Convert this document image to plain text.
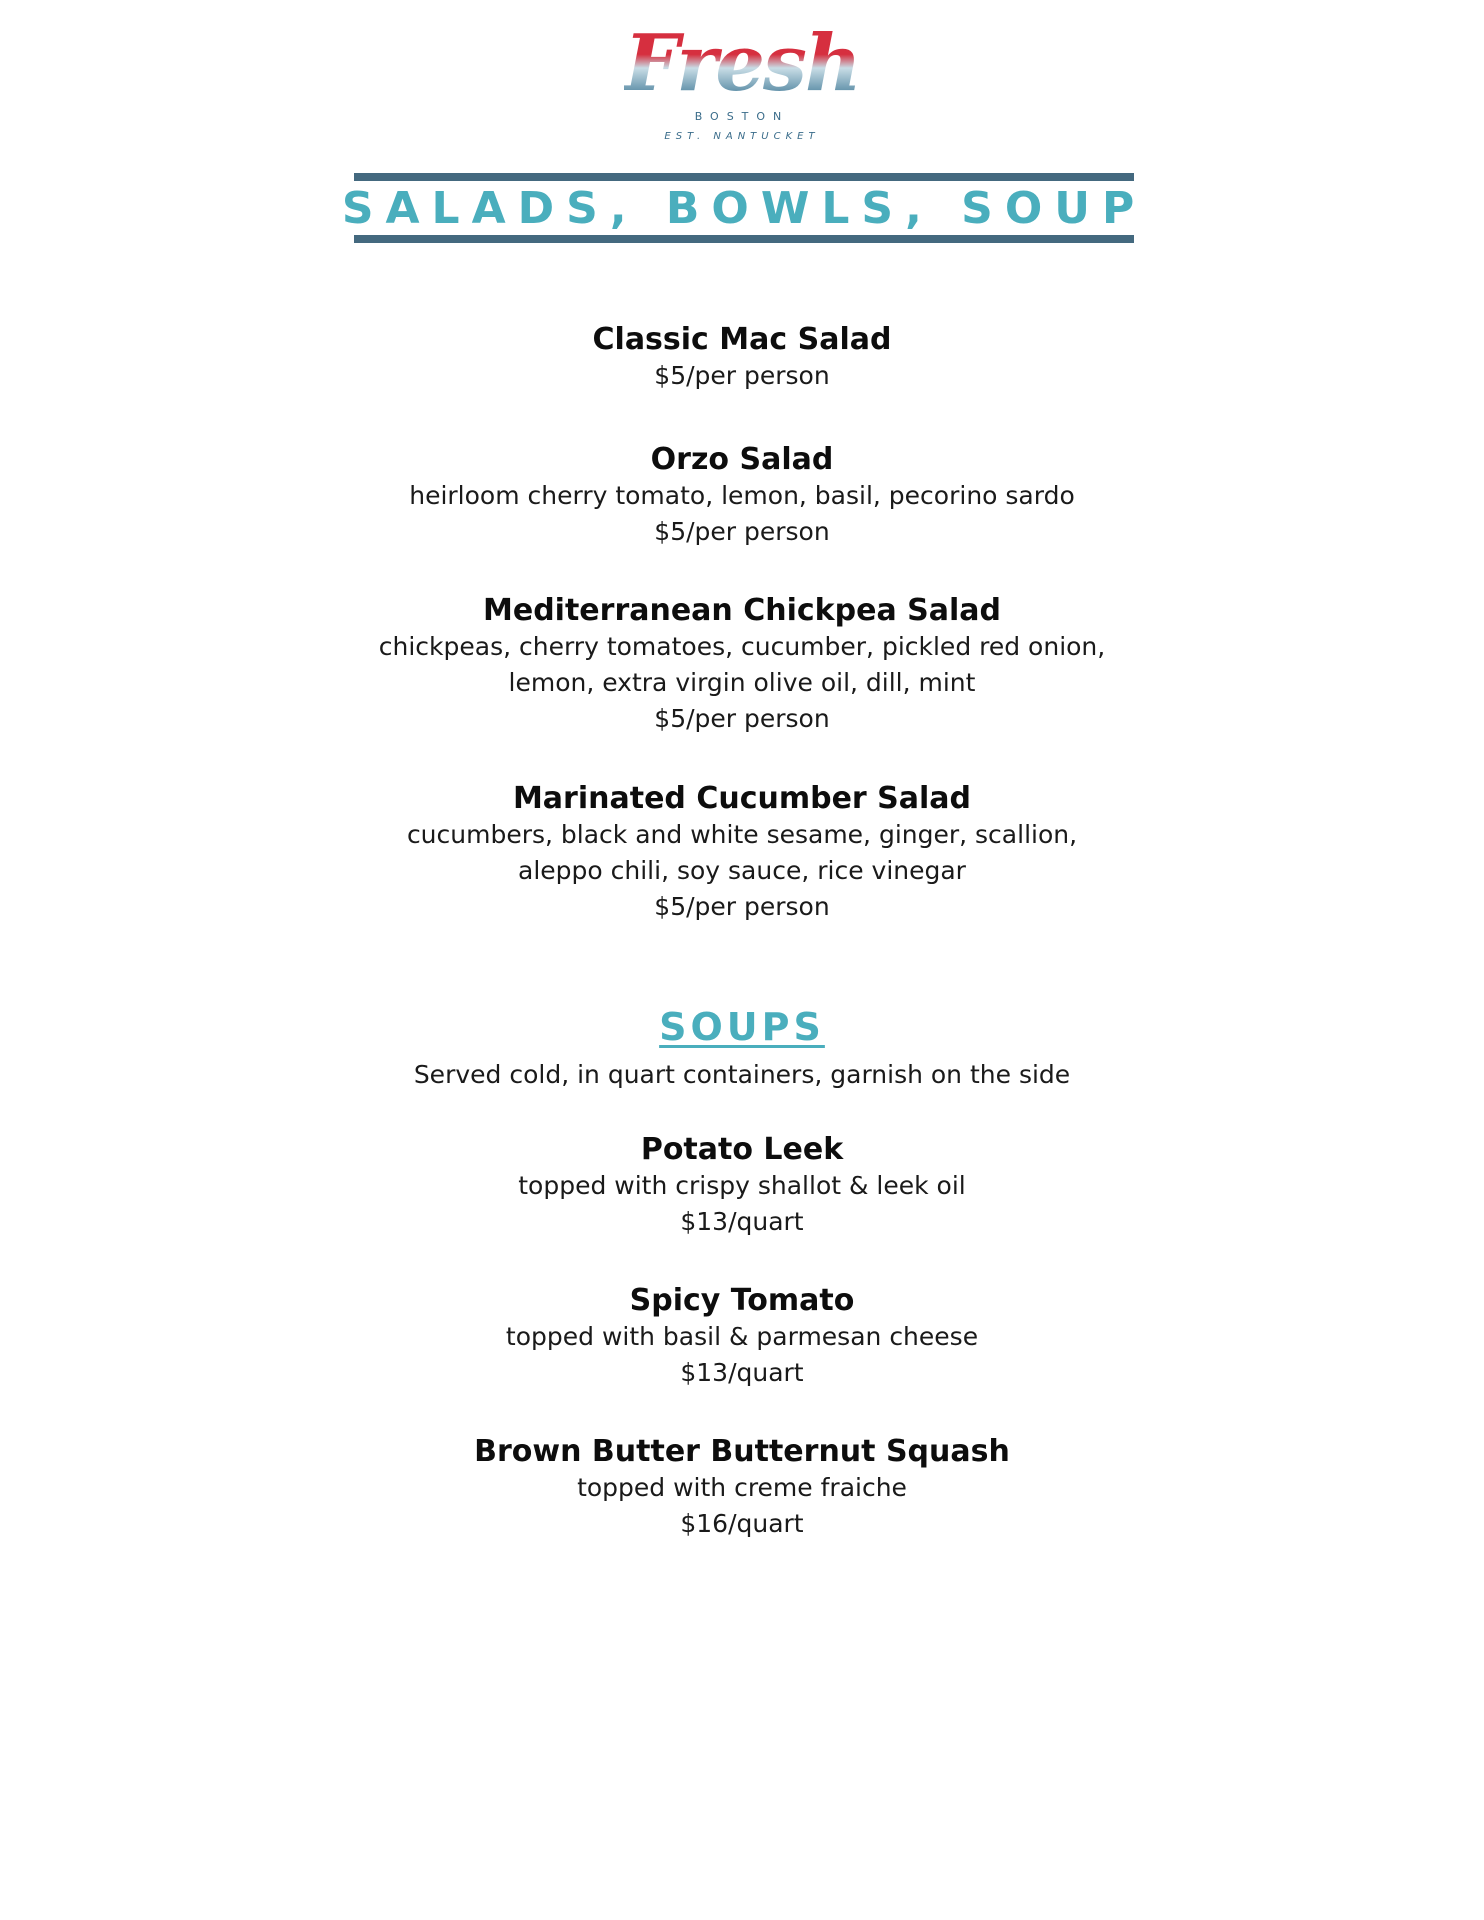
Fresh
BOSTON
EST. NANTUCKET
SALADS, BOWLS, SOUP
Classic Mac Salad
$5/per person
Orzo Salad
heirloom cherry tomato, lemon, basil, pecorino sardo
$5/per person
Mediterranean Chickpea Salad
chickpeas, cherry tomatoes, cucumber, pickled red onion,
lemon, extra virgin olive oil, dill, mint
$5/per person
Marinated Cucumber Salad
cucumbers, black and white sesame, ginger, scallion,
aleppo chili, soy sauce, rice vinegar
$5/per person
SOUPS
Served cold, in quart containers, garnish on the side
Potato Leek
topped with crispy shallot & leek oil
$13/quart
Spicy Tomato
topped with basil & parmesan cheese
$13/quart
Brown Butter Butternut Squash
topped with creme fraiche
$16/quart
